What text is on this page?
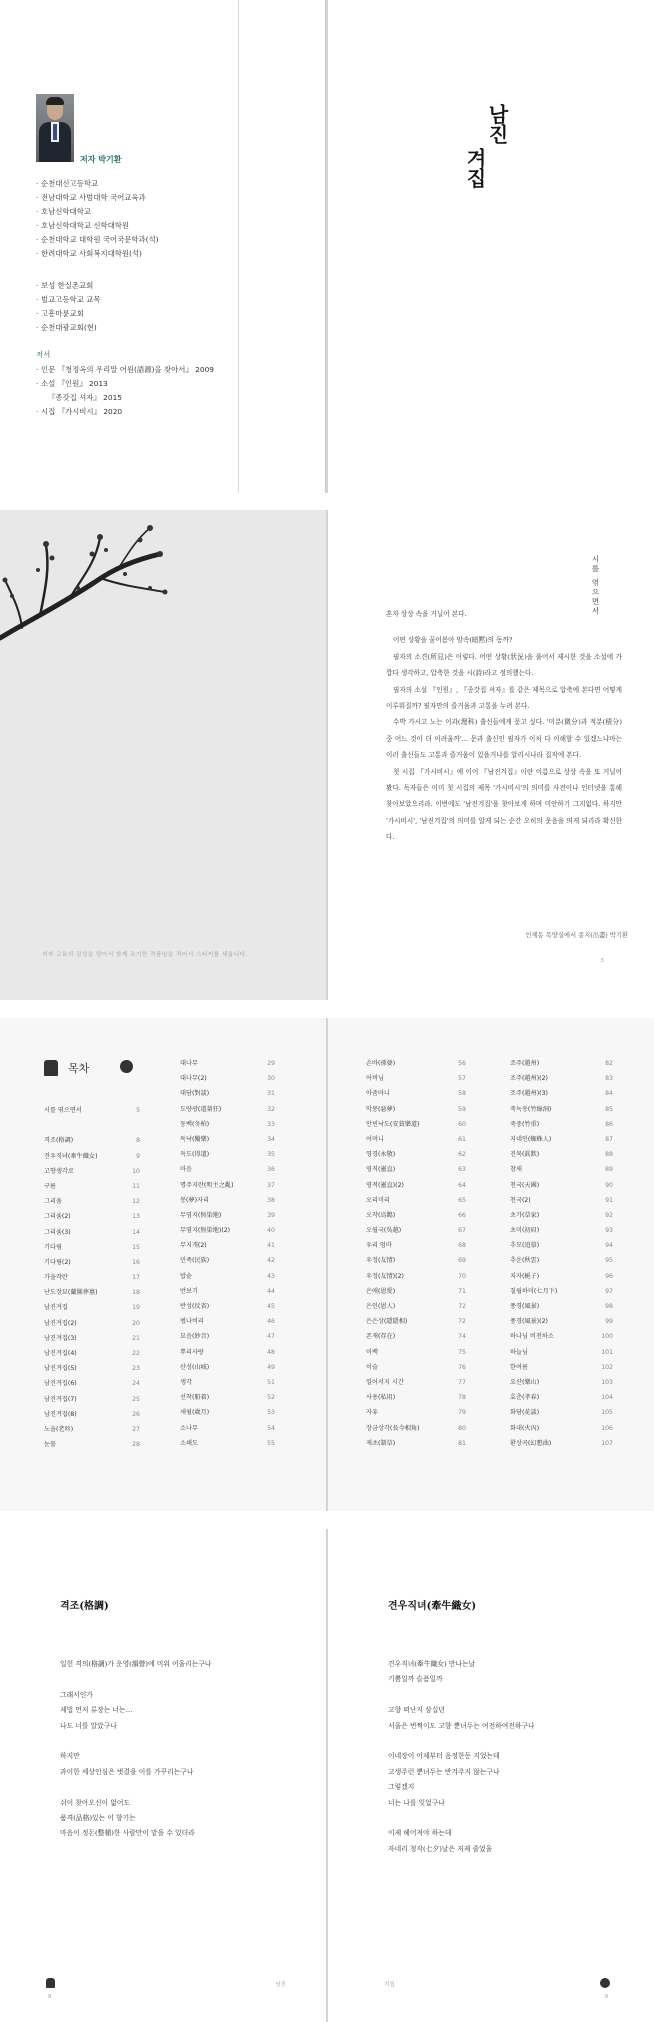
저자 박기환
· 순천대신고등학교
· 전남대학교 사범대학 국어교육과
· 호남신학대학교
· 호남신학대학교 신학대학원
· 순천대학교 대학원 국어국문학과(석)
· 한려대학교 사회복지대학원(석)
· 보성 한실촌교회
· 벌교고등학교 교목
· 고흥마륜교회
· 순천대광교회(현)
저서
· 인문 『청정옥의 우리말 어원(語源)을 찾아서』 2009
· 소설 『인원』 2013
『종갓집 셔자』 2015
· 시집 『가시비시』 2020
남진
겨집
저자 고유의 감성을 담아서 함께 조기한 작품임을 적어서 스티커를 세웁니다.
시를 엮으면서

혼자 상상 속을 거닐어 본다.

어떤 상황을 꿈어봄아 암속(暗黙)의 동까?

필자의 소견(所見)은 이렇다. 어떤 상황(狀況)을 풀어서 제시한 것을 소설에 가깝다 생각하고, 압축한 것을 시(詩)라고 정의했는다.

필자의 소설 『인원』, 『종갓집 셔자』를 같은 제목으로 압축에 본다면 어떻게 이루워질까? 필자만의 즐거움과 고통을 누려 본다.

수박 가시고 노는 이과(理科) 출신들에게 묻고 싶다. '미분(微分)과 적분(積分) 중 어느 것이 더 이려울까'... 문과 출신인 필자가 이처 다 이해할 수 있겠느냐마는 이러 출신들도 고통과 즐거움이 있을거냐를 알리시나라 집작에 본다.

첫 시집 『가시비시』에 이어 『남진겨집』이란 이름으로 상상 속을 또 거닐어 봤다. 독자들은 이미 첫 시집의 제목 '가시비시'의 의미를 사전이나 인터넷을 통해 찾아보았으리라. 이번에도 '남진겨집'을 찾아보게 하며 미안하기 그지없다. 하지만 '가시비시', '남진겨집'의 의미를 알게 되는 순간 오히의 웃음을 띄게 되리라 확신한다.

인제동 목양실에서 종지(出盡) 박기환
5
목차
시를 엮으면서	5
격조(格調)	8
견우직녀(牽牛織女)	9
고향생각로	10
구름	11
그리움	12
그리움(2)	13
그리움(3)	14
기다림	15
기다림(2)	16
가을작란	17
난도장묘(蘭圖葬墓)	18
남진겨집	19
남진겨집(2)	20
남진겨집(3)	21
남진겨집(4)	22
남진겨집(5)	23
남진겨집(6)	24
남진겨집(7)	25
남진겨집(8)	26
노을(老吟)	27
눈물	28
대나무	29
대나무(2)	30
대담(對談)	31
도량광(道量狂)	32
동백(冬柏)	33
독낙(獨樂)	34
득도(得道)	35
마음	36
명주지란(明主之亂)	37
몽(夢)자리	38
무염지(無染地)	39
무염지(無染地)(2)	40
무지개(2)	41
민족(民族)	42
밥솥	43
반보기	44
반성(反省)	45
범나비리	46
묘음(妙音)	47
뿌리사랑	48
산성(山城)	49
생각	51
선착(船着)	52
세월(歲月)	53
소나무	54
소쇄도	55
손바(孫婆)	56
어버님	57
아줌마니	58
악몽(惡夢)	59
안빈낙도(安貧樂道)	60
어머니	61
영경(永敬)	62
영직(靈直)	63
영적(靈直)(2)	64
오리미리	65
오작(烏鵲)	66
오월국(吳越)	67
우리 엄마	68
우정(友情)	69
우정(友情)(2)	70
은애(恩愛)	71
은인(恩人)	72
은은상(隱隱相)	72
존재(存在)	74
이백	75
이슬	76
일어서지 시간	77
사용(私用)	78
자유	79
장금상각(長今相角)	80
제초(制草)	81
조주(趙州)	82
조주(趙州)(2)	83
조주(趙州)(3)	84
죽녹동(竹綠洞)	85
죽중(竹重)	86
지네인(蜘蛛人)	87
진묵(眞默)	88
참새	89
천국(天國)	90
천국(2)	91
초가(草家)	92
초미(初眉)	93
추모(追慕)	94
추운(秋雲)	95
치자(梔子)	96
칠월하미(七月下)	97
풍경(風景)	98
풍경(風景)(2)	99
하나님 비전하소	100
하늘님	101
한여름	102
요산(樂山)	103
효춘(孝春)	104
화담(花談)	105
화내(火內)	106
환상곡(幻想曲)	107
격조(格調)
일헌 격의(格調)가 운영(韻營)에 미워 어울리는구나
그래서인가
제법 먼저 류장는 너는…
나도 너를 알았구나
하지만
과이한 세상인심은 벗겼을 이를 가꾸리는구나
쉬이 찾아오신이 없어도
품격(品格)있는 이 향기는
마음이 정돈(整頓)한 사람만이 맡을 수 있더라
8
남진
견우직녀(牽牛織女)
견우직녀(牽牛織女) 만나는날
기쁨일까 슬픔일까
고향 떠난지 삼십년
서울은 번쩍이도 고향 뿐녀두는 여전하여전하구나
이네장이 어제부터 음정한동 지었는데
고생주런 뿐녀두는 반겨주지 않는구나
그렇겠지
너는 나를 잊었구나
이제 헤어져야 하는데
자네리 청작(七夕)날은 저제 줄었울
겨집
9
